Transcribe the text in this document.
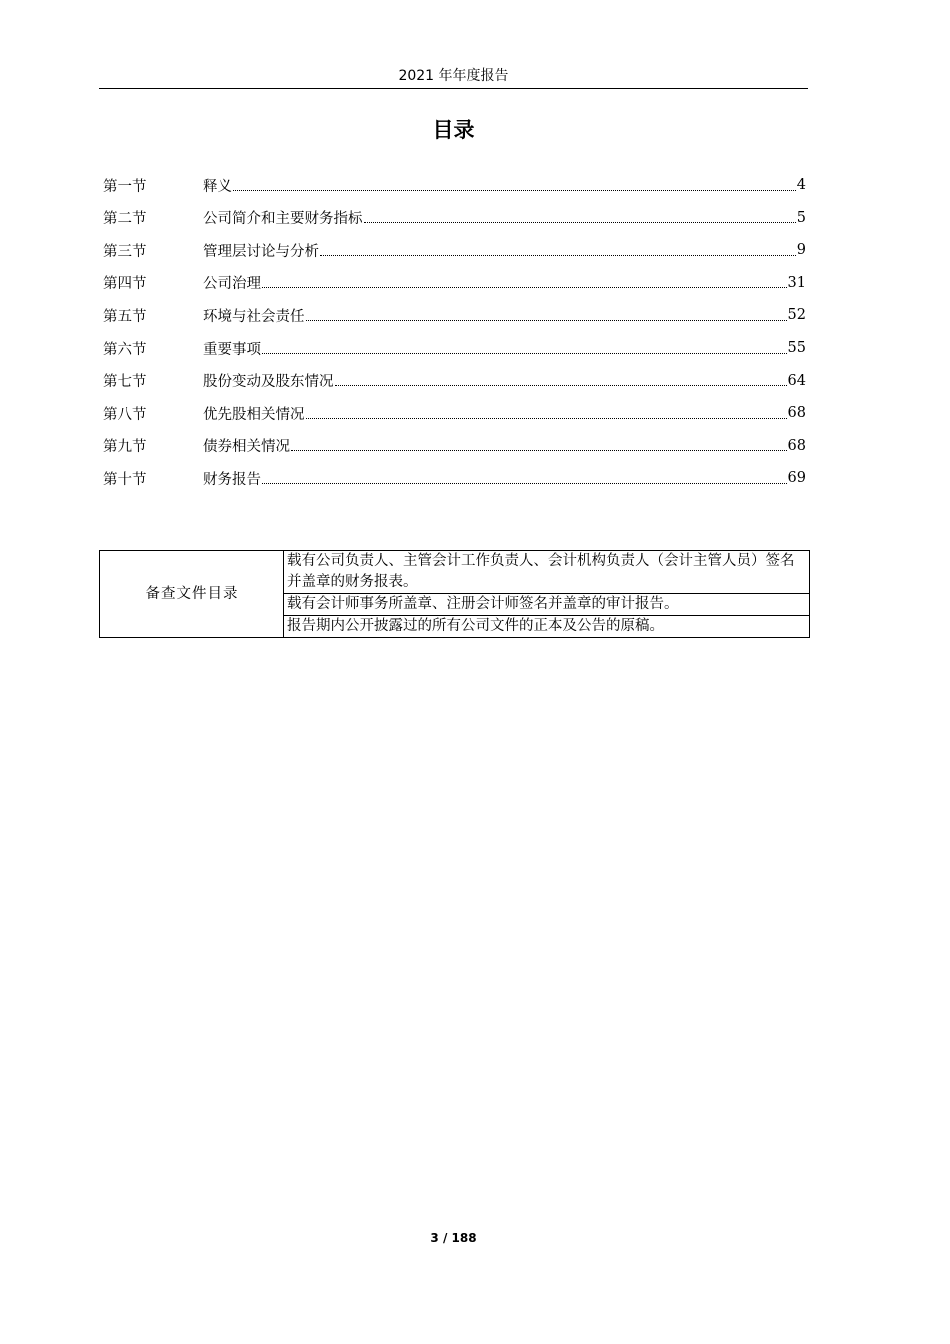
2021 年年度报告
目录
第一节	释义	4
第二节	公司简介和主要财务指标	5
第三节	管理层讨论与分析	9
第四节	公司治理	31
第五节	环境与社会责任	52
第六节	重要事项	55
第七节	股份变动及股东情况	64
第八节	优先股相关情况	68
第九节	债券相关情况	68
第十节	财务报告	69
备查文件目录	载有公司负责人、主管会计工作负责人、会计机构负责人（会计主管人员）签名并盖章的财务报表。
载有会计师事务所盖章、注册会计师签名并盖章的审计报告。
报告期内公开披露过的所有公司文件的正本及公告的原稿。
3 / 188
